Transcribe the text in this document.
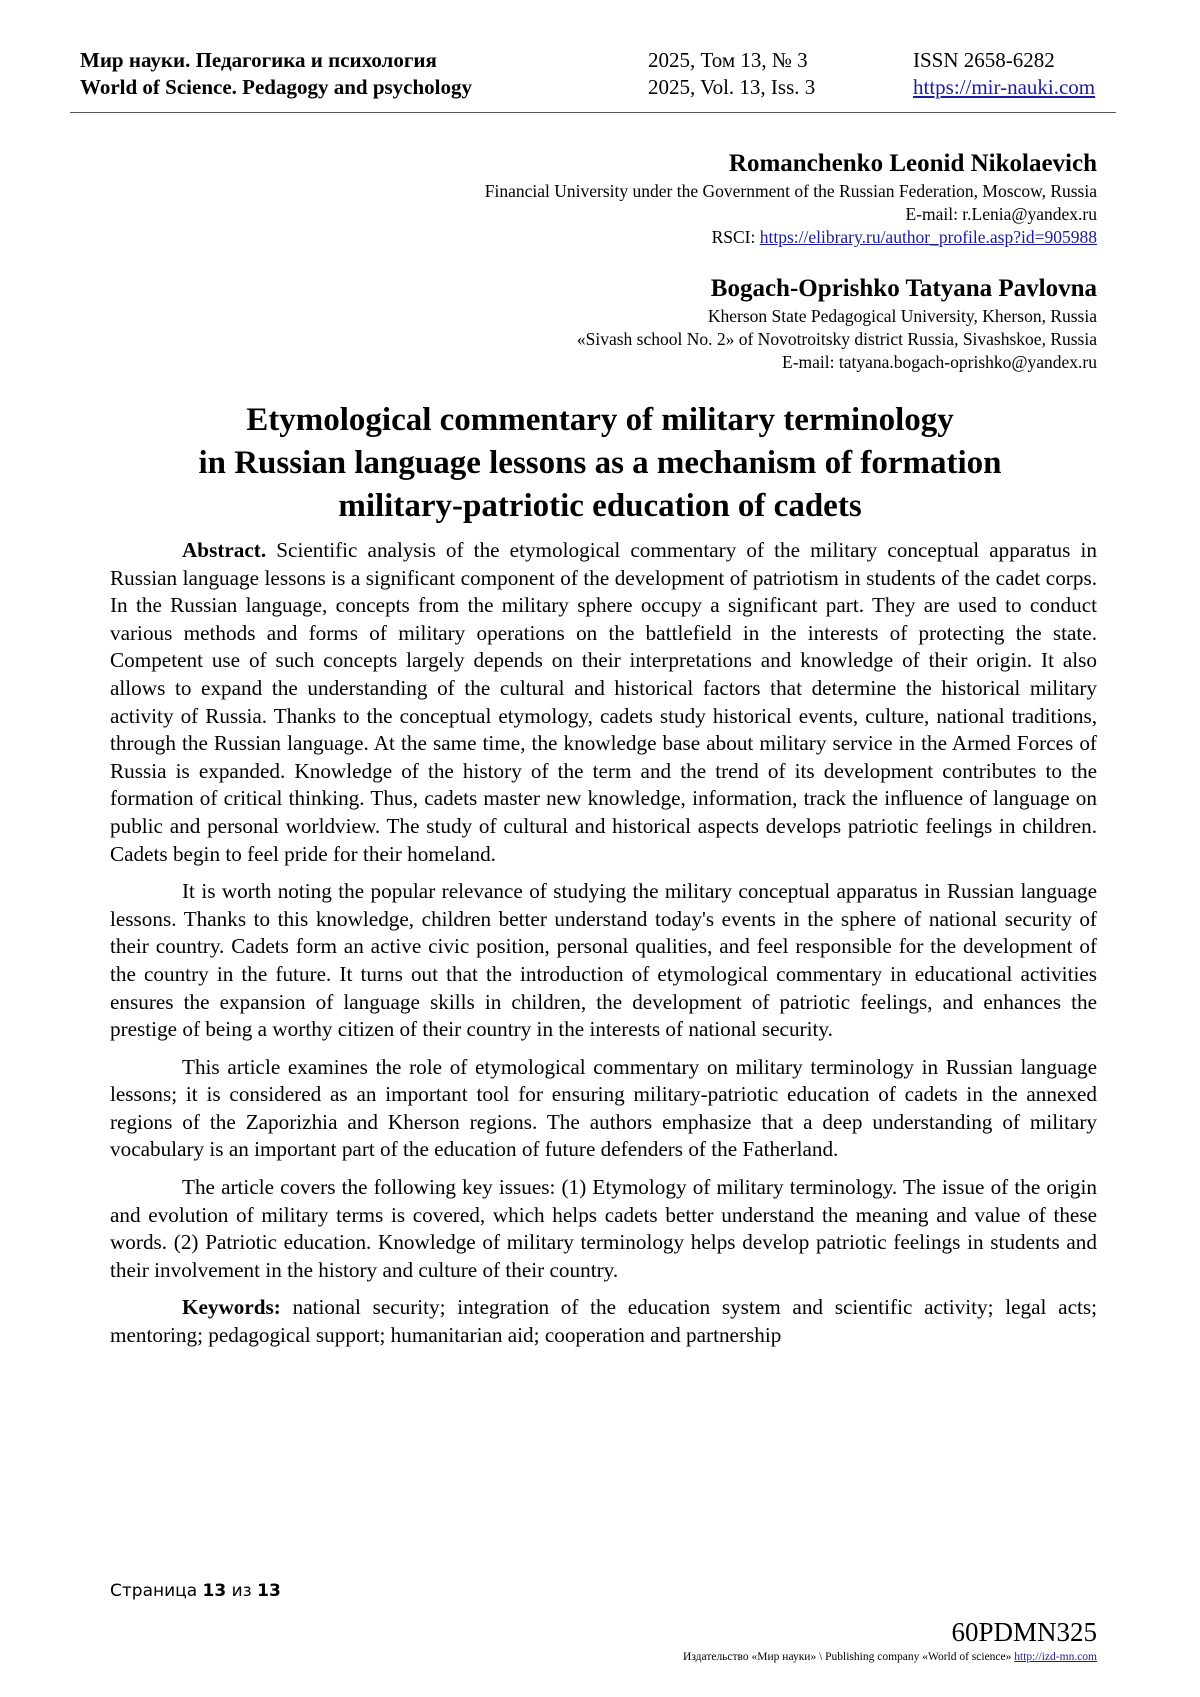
Мир науки. Педагогика и психология
World of Science. Pedagogy and psychology
2025, Том 13, № 3
2025, Vol. 13, Iss. 3
ISSN 2658-6282
https://mir-nauki.com
Romanchenko Leonid Nikolaevich
Financial University under the Government of the Russian Federation, Moscow, Russia
E-mail: r.Lenia@yandex.ru
RSCI: https://elibrary.ru/author_profile.asp?id=905988
Bogach-Oprishko Tatyana Pavlovna
Kherson State Pedagogical University, Kherson, Russia
«Sivash school No. 2» of Novotroitsky district Russia, Sivashskoe, Russia
E-mail: tatyana.bogach-oprishko@yandex.ru
Etymological commentary of military terminology
in Russian language lessons as a mechanism of formation
military-patriotic education of cadets

Abstract. Scientific analysis of the etymological commentary of the military conceptual apparatus in Russian language lessons is a significant component of the development of patriotism in students of the cadet corps. In the Russian language, concepts from the military sphere occupy a significant part. They are used to conduct various methods and forms of military operations on the battlefield in the interests of protecting the state. Competent use of such concepts largely depends on their interpretations and knowledge of their origin. It also allows to expand the understanding of the cultural and historical factors that determine the historical military activity of Russia. Thanks to the conceptual etymology, cadets study historical events, culture, national traditions, through the Russian language. At the same time, the knowledge base about military service in the Armed Forces of Russia is expanded. Knowledge of the history of the term and the trend of its development contributes to the formation of critical thinking. Thus, cadets master new knowledge, information, track the influence of language on public and personal worldview. The study of cultural and historical aspects develops patriotic feelings in children. Cadets begin to feel pride for their homeland.

It is worth noting the popular relevance of studying the military conceptual apparatus in Russian language lessons. Thanks to this knowledge, children better understand today's events in the sphere of national security of their country. Cadets form an active civic position, personal qualities, and feel responsible for the development of the country in the future. It turns out that the introduction of etymological commentary in educational activities ensures the expansion of language skills in children, the development of patriotic feelings, and enhances the prestige of being a worthy citizen of their country in the interests of national security.

This article examines the role of etymological commentary on military terminology in Russian language lessons; it is considered as an important tool for ensuring military-patriotic education of cadets in the annexed regions of the Zaporizhia and Kherson regions. The authors emphasize that a deep understanding of military vocabulary is an important part of the education of future defenders of the Fatherland.

The article covers the following key issues: (1) Etymology of military terminology. The issue of the origin and evolution of military terms is covered, which helps cadets better understand the meaning and value of these words. (2) Patriotic education. Knowledge of military terminology helps develop patriotic feelings in students and their involvement in the history and culture of their country.

Keywords: national security; integration of the education system and scientific activity; legal acts; mentoring; pedagogical support; humanitarian aid; cooperation and partnership

Страница 13 из 13
60PDMN325
Издательство «Мир науки» \ Publishing company «World of science» http://izd-mn.com
